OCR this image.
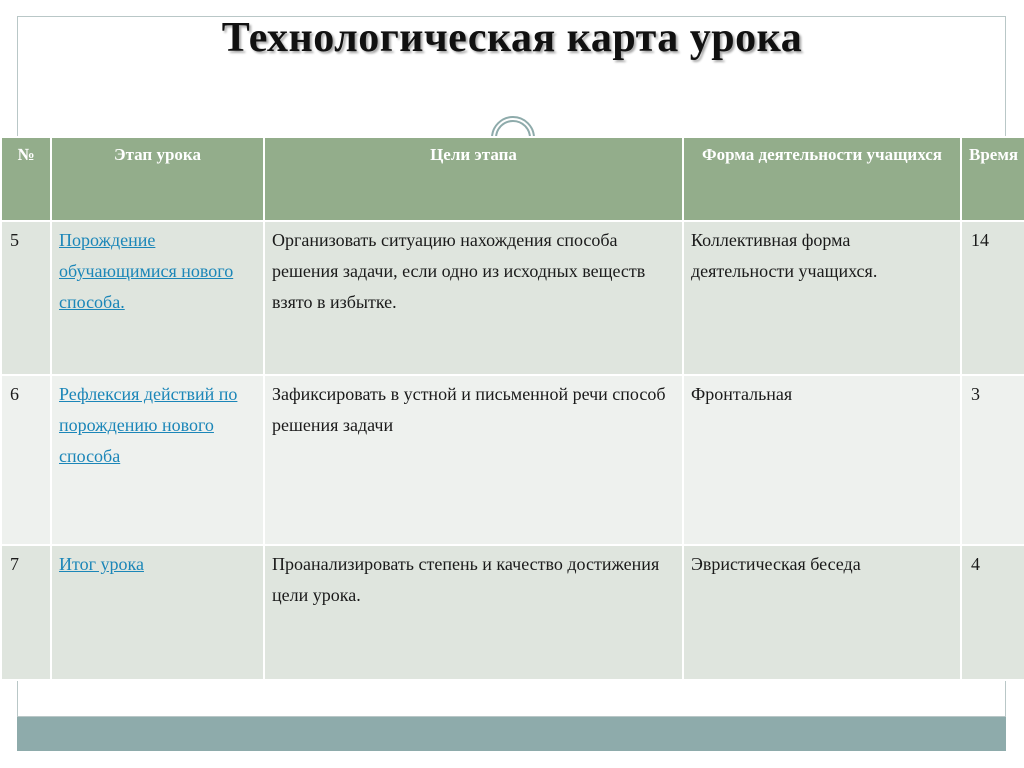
Технологическая карта урока
№	Этап урока	Цели этапа	Форма деятельности учащихся	Время
5	Порождение обучающимися нового способа.	Организовать ситуацию нахождения способа решения задачи, если одно из исходных веществ взято в избытке.	Коллективная форма деятельности учащихся.	14
6	Рефлексия действий по порождению нового способа	Зафиксировать в устной и письменной речи способ решения задачи	Фронтальная	3
7	Итог урока	Проанализировать степень и качество достижения цели урока.	Эвристическая беседа	4
